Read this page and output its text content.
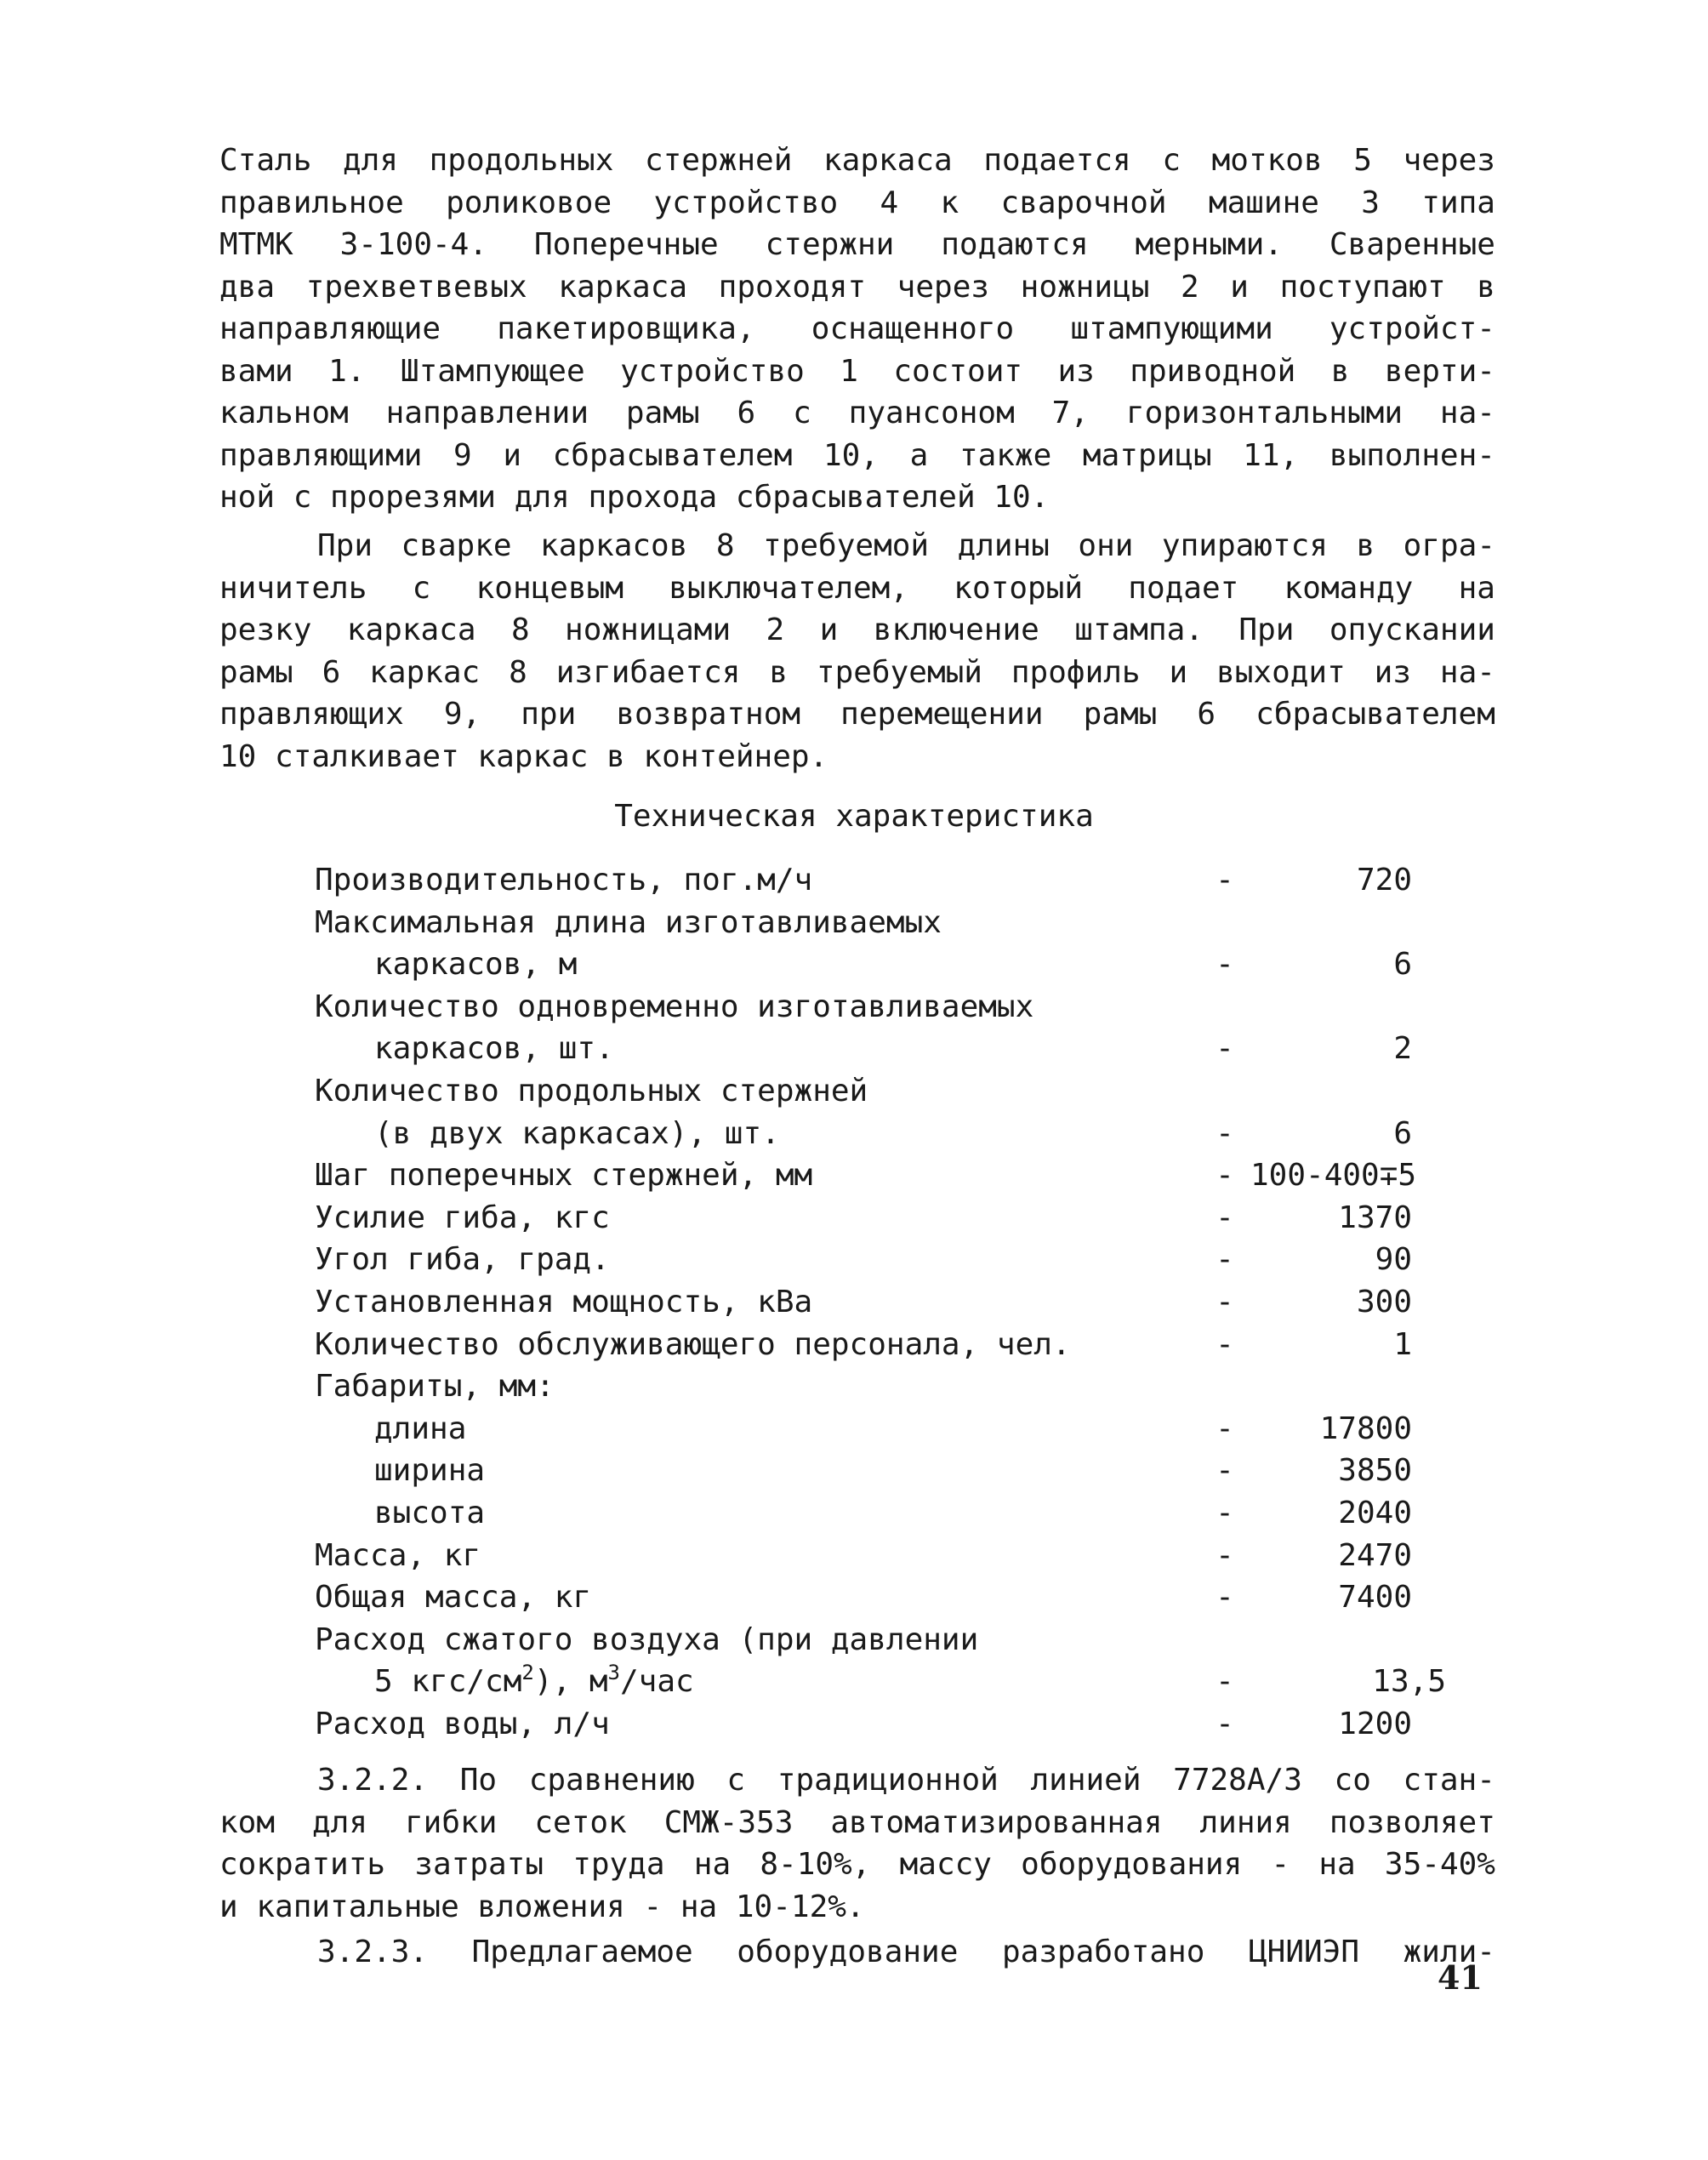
Сталь для продольных стержней каркаса подается с мотков 5 через
правильное роликовое устройство 4 к сварочной машине 3 типа
МТМК 3-100-4. Поперечные стержни подаются мерными. Сваренные
два трехветвевых каркаса проходят через ножницы 2 и поступают в
направляющие пакетировщика, оснащенного штампующими устройст-
вами 1. Штампующее устройство 1 состоит из приводной в верти-
кальном направлении рамы 6 с пуансоном 7, горизонтальными на-
правляющими 9 и сбрасывателем 10, а также матрицы 11, выполнен-
ной с прорезями для прохода сбрасывателей 10.
При сварке каркасов 8 требуемой длины они упираются в огра-
ничитель с концевым выключателем, который подает команду на
резку каркаса 8 ножницами 2 и включение штампа. При опускании
рамы 6 каркас 8 изгибается в требуемый профиль и выходит из на-
правляющих 9, при возвратном перемещении рамы 6 сбрасывателем
10 сталкивает каркас в контейнер.
Техническая характеристика
Производительность, пог.м/ч	-	720
Максимальная длина изготавливаемых
каркасов, м	-	6
Количество одновременно изготавливаемых
каркасов, шт.	-	2
Количество продольных стержней
(в двух каркасах), шт.	-	6
Шаг поперечных стержней, мм	- 100-400∓5
Усилие гиба, кгс	-	1370
Угол гиба, град.	-	90
Установленная мощность, кВа	-	300
Количество обслуживающего персонала, чел.	-	1
Габариты, мм:
длина	-	17800
ширина	-	3850
высота	-	2040
Масса, кг	-	2470
Общая масса, кг	-	7400
Расход сжатого воздуха (при давлении
5 кгс/$см^2$), $м^3$/час	-	13,5
Расход воды, л/ч	-	1200
3.2.2. По сравнению с традиционной линией 7728А/3 со стан-
ком для гибки сеток СМЖ-353 автоматизированная линия позволяет
сократить затраты труда на 8-10%, массу оборудования - на 35-40%
и капитальные вложения - на 10-12%.
3.2.3. Предлагаемое оборудование разработано ЦНИИЭП жили-
41
